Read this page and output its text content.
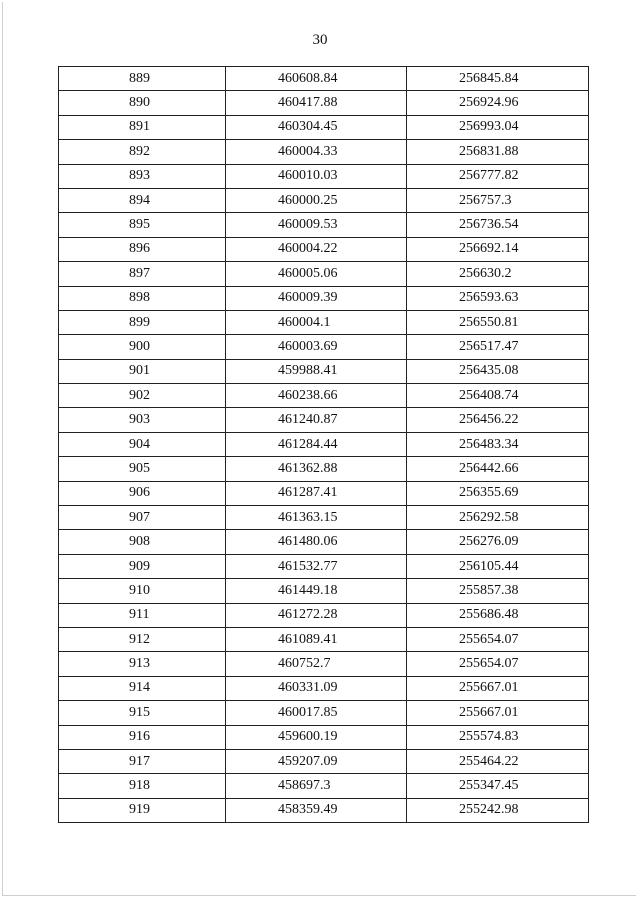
30
889	460608.84	256845.84
890	460417.88	256924.96
891	460304.45	256993.04
892	460004.33	256831.88
893	460010.03	256777.82
894	460000.25	256757.3
895	460009.53	256736.54
896	460004.22	256692.14
897	460005.06	256630.2
898	460009.39	256593.63
899	460004.1	256550.81
900	460003.69	256517.47
901	459988.41	256435.08
902	460238.66	256408.74
903	461240.87	256456.22
904	461284.44	256483.34
905	461362.88	256442.66
906	461287.41	256355.69
907	461363.15	256292.58
908	461480.06	256276.09
909	461532.77	256105.44
910	461449.18	255857.38
911	461272.28	255686.48
912	461089.41	255654.07
913	460752.7	255654.07
914	460331.09	255667.01
915	460017.85	255667.01
916	459600.19	255574.83
917	459207.09	255464.22
918	458697.3	255347.45
919	458359.49	255242.98
